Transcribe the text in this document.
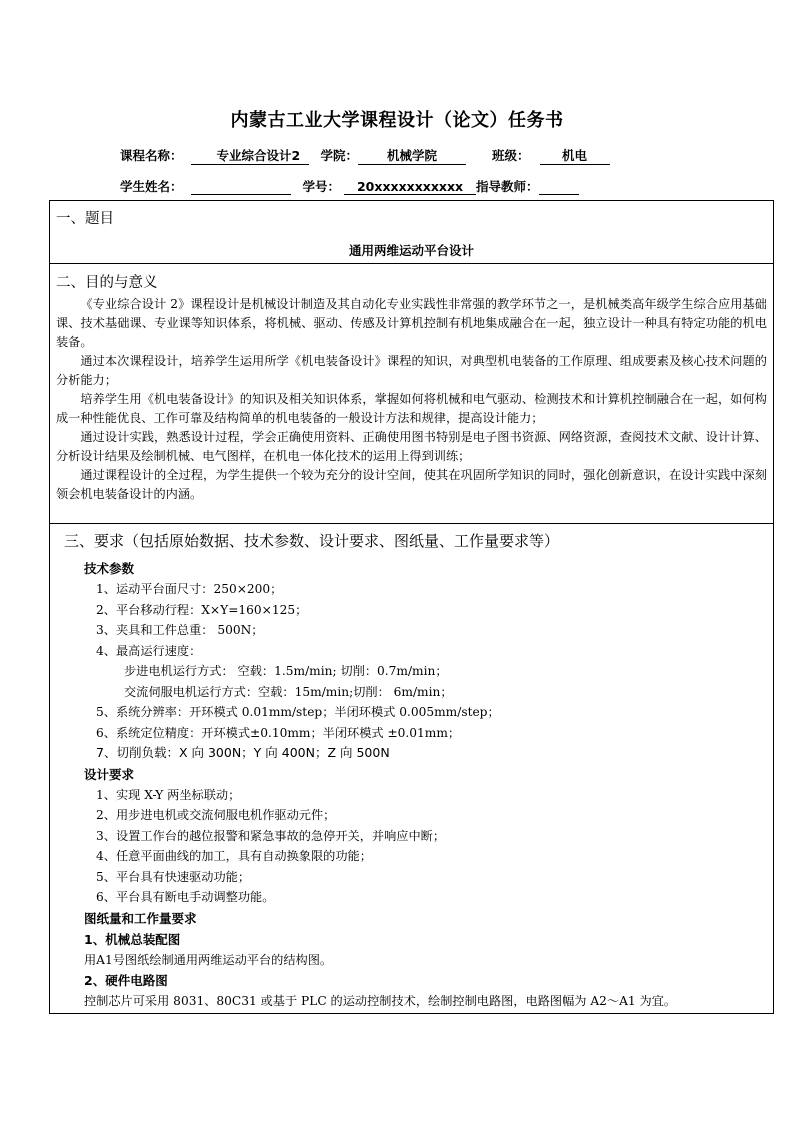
内蒙古工业大学课程设计（论文）任务书
课程名称：	专业综合设计2 学院： 机械学院	班级：	机电
学生姓名：	学号： 20xxxxxxxxxxx 指导教师：
一、题目
通用两维运动平台设计
二、目的与意义

《专业综合设计 2》课程设计是机械设计制造及其自动化专业实践性非常强的教学环节之一，是机械类高年级学生综合应用基础课、技术基础课、专业课等知识体系，将机械、驱动、传感及计算机控制有机地集成融合在一起，独立设计一种具有特定功能的机电装备。

通过本次课程设计，培养学生运用所学《机电装备设计》课程的知识，对典型机电装备的工作原理、组成要素及核心技术问题的分析能力；

培养学生用《机电装备设计》的知识及相关知识体系，掌握如何将机械和电气驱动、检测技术和计算机控制融合在一起，如何构成一种性能优良、工作可靠及结构简单的机电装备的一般设计方法和规律，提高设计能力；

通过设计实践，熟悉设计过程，学会正确使用资料、正确使用图书特别是电子图书资源、网络资源，查阅技术文献、设计计算、分析设计结果及绘制机械、电气图样，在机电一体化技术的运用上得到训练；

通过课程设计的全过程，为学生提供一个较为充分的设计空间，使其在巩固所学知识的同时，强化创新意识，在设计实践中深刻领会机电装备设计的内涵。

三、要求（包括原始数据、技术参数、设计要求、图纸量、工作量要求等）
技术参数
1、运动平台面尺寸：250×200；
2、平台移动行程：X×Y=160×125；
3、夹具和工件总重： 500N；
4、最高运行速度：
步进电机运行方式： 空载：1.5m/min; 切削：0.7m/min；
交流伺服电机运行方式：空载：15m/min;切削： 6m/min；
5、系统分辨率：开环模式 0.01mm/step；半闭环模式 0.005mm/step；
6、系统定位精度：开环模式±0.10mm；半闭环模式 ±0.01mm；
7、切削负载：X 向 300N；Y 向 400N；Z 向 500N
设计要求
1、实现 X-Y 两坐标联动；
2、用步进电机或交流伺服电机作驱动元件；
3、设置工作台的越位报警和紧急事故的急停开关，并响应中断；
4、任意平面曲线的加工，具有自动换象限的功能；
5、平台具有快速驱动功能；
6、平台具有断电手动调整功能。
图纸量和工作量要求
1、机械总装配图
用A1号图纸绘制通用两维运动平台的结构图。
2、硬件电路图
控制芯片可采用 8031、80C31 或基于 PLC 的运动控制技术，绘制控制电路图，电路图幅为 A2～A1 为宜。
